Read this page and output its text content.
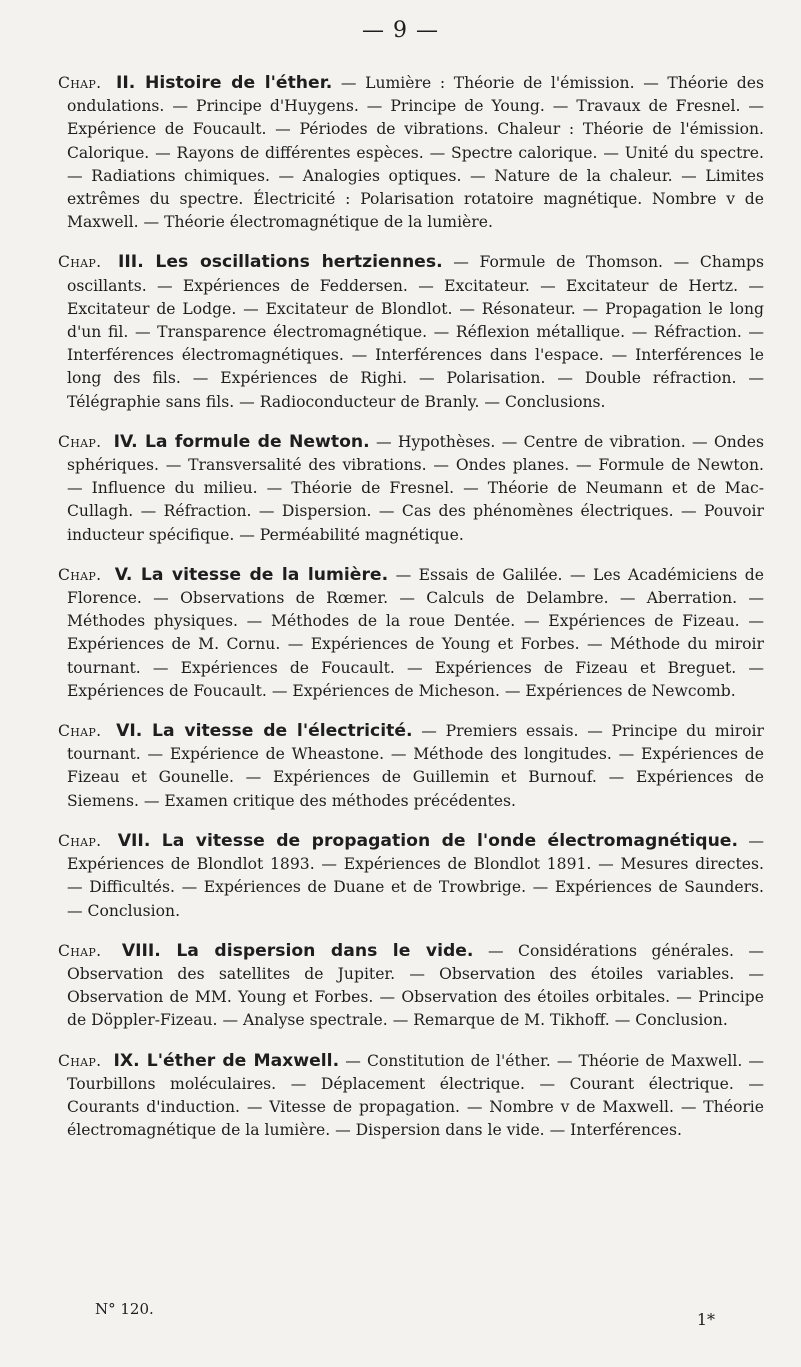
— 9 —

Chap. II. Histoire de l'éther. — Lumière : Théorie de l'émission. — Théorie des ondulations. — Principe d'Huygens. — Principe de Young. — Travaux de Fresnel. — Expérience de Foucault. — Périodes de vibrations. Chaleur : Théorie de l'émission. Calorique. — Rayons de différentes espèces. — Spectre calorique. — Unité du spectre. — Radiations chimiques. — Analogies optiques. — Nature de la chaleur. — Limites extrêmes du spectre. Électricité : Polarisation rotatoire magnétique. Nombre v de Maxwell. — Théorie électromagnétique de la lumière.

Chap. III. Les oscillations hertziennes. — Formule de Thomson. — Champs oscillants. — Expériences de Feddersen. — Excitateur. — Excitateur de Hertz. — Excitateur de Lodge. — Excitateur de Blondlot. — Résonateur. — Propagation le long d'un fil. — Transparence électromagnétique. — Réflexion métallique. — Réfraction. — Interférences électromagnétiques. — Interférences dans l'espace. — Interférences le long des fils. — Expériences de Righi. — Polarisation. — Double réfraction. — Télégraphie sans fils. — Radioconducteur de Branly. — Conclusions.

Chap. IV. La formule de Newton. — Hypothèses. — Centre de vibration. — Ondes sphériques. — Transversalité des vibrations. — Ondes planes. — Formule de Newton. — Influence du milieu. — Théorie de Fresnel. — Théorie de Neumann et de Mac-Cullagh. — Réfraction. — Dispersion. — Cas des phénomènes électriques. — Pouvoir inducteur spécifique. — Perméabilité magnétique.

Chap. V. La vitesse de la lumière. — Essais de Galilée. — Les Académiciens de Florence. — Observations de Rœmer. — Calculs de Delambre. — Aberration. — Méthodes physiques. — Méthodes de la roue Dentée. — Expériences de Fizeau. — Expériences de M. Cornu. — Expériences de Young et Forbes. — Méthode du miroir tournant. — Expériences de Foucault. — Expériences de Fizeau et Breguet. — Expériences de Foucault. — Expériences de Micheson. — Expériences de Newcomb.

Chap. VI. La vitesse de l'électricité. — Premiers essais. — Principe du miroir tournant. — Expérience de Wheastone. — Méthode des longitudes. — Expériences de Fizeau et Gounelle. — Expériences de Guillemin et Burnouf. — Expériences de Siemens. — Examen critique des méthodes précédentes.

Chap. VII. La vitesse de propagation de l'onde électromagnétique. — Expériences de Blondlot 1893. — Expériences de Blondlot 1891. — Mesures directes. — Difficultés. — Expériences de Duane et de Trowbrige. — Expériences de Saunders. — Conclusion.

Chap. VIII. La dispersion dans le vide. — Considérations générales. — Observation des satellites de Jupiter. — Observation des étoiles variables. — Observation de MM. Young et Forbes. — Observation des étoiles orbitales. — Principe de Döppler-Fizeau. — Analyse spectrale. — Remarque de M. Tikhoff. — Conclusion.

Chap. IX. L'éther de Maxwell. — Constitution de l'éther. — Théorie de Maxwell. — Tourbillons moléculaires. — Déplacement électrique. — Courant électrique. — Courants d'induction. — Vitesse de propagation. — Nombre v de Maxwell. — Théorie électromagnétique de la lumière. — Dispersion dans le vide. — Interférences.

N° 120.
1*
